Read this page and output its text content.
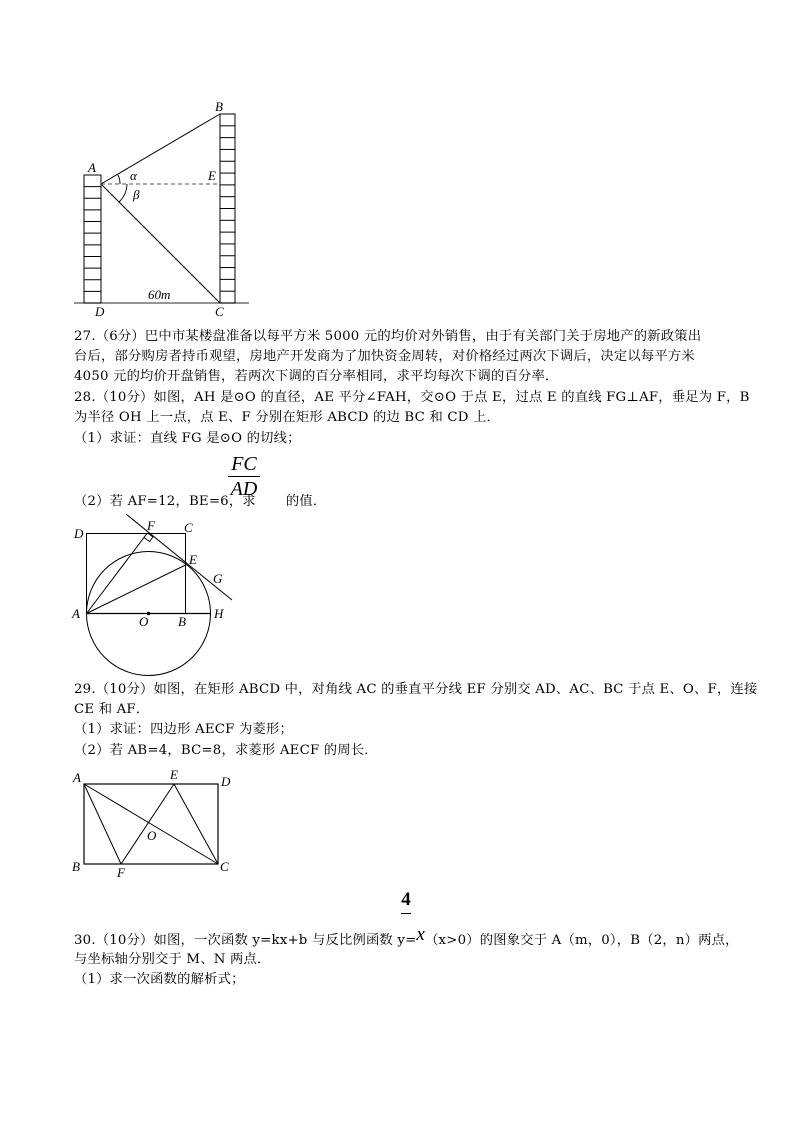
A
B
E
D	C
α
β
60m
27.（6分）巴中市某楼盘准备以每平方米 5000 元的均价对外销售，由于有关部门关于房地产的新政策出
台后，部分购房者持币观望，房地产开发商为了加快资金周转，对价格经过两次下调后，决定以每平方米
4050 元的均价开盘销售，若两次下调的百分率相同，求平均每次下调的百分率．
28.（10分）如图，AH 是⊙O 的直径，AE 平分∠FAH，交⊙O 于点 E，过点 E 的直线 FG⊥AF，垂足为 F，B
为半径 OH 上一点，点 E、F 分别在矩形 ABCD 的边 BC 和 CD 上．
（1）求证：直线 FG 是⊙O 的切线；
（2）若 AF=12，BE=6，求 的值．
$\frac{FC}{AD}$
D
F C
E
G
A
O B
H
29.（10分）如图，在矩形 ABCD 中，对角线 AC 的垂直平分线 EF 分别交 AD、AC、BC 于点 E、O、F，连接
CE 和 AF．
（1）求证：四边形 AECF 为菱形；
（2）若 AB=4，BC=8，求菱形 AECF 的周长．
A	E	D
O
B	F	C
4
30.（10分）如图，一次函数 y=kx+b 与反比例函数 y=x（x>0）的图象交于 A（m，0），B（2，n）两点，
与坐标轴分别交于 M、N 两点．
（1）求一次函数的解析式；
